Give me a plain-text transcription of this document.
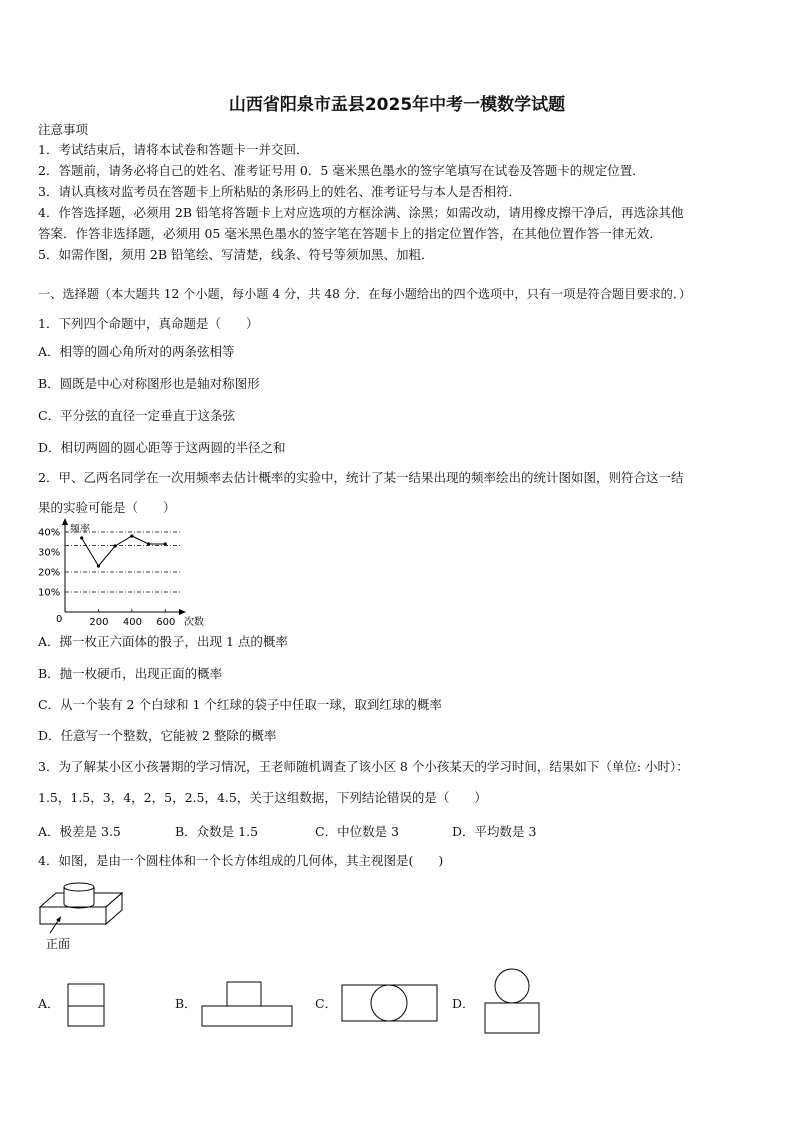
山西省阳泉市盂县2025年中考一模数学试题
注意事项
1．考试结束后，请将本试卷和答题卡一并交回．
2．答题前，请务必将自己的姓名、准考证号用 0．5 毫米黑色墨水的签字笔填写在试卷及答题卡的规定位置．
3．请认真核对监考员在答题卡上所粘贴的条形码上的姓名、准考证号与本人是否相符．
4．作答选择题，必须用 2B 铅笔将答题卡上对应选项的方框涂满、涂黑；如需改动，请用橡皮擦干净后，再选涂其他
答案．作答非选择题，必须用 05 毫米黑色墨水的签字笔在答题卡上的指定位置作答，在其他位置作答一律无效．
5．如需作图，须用 2B 铅笔绘、写清楚，线条、符号等须加黑、加粗．
一、选择题（本大题共 12 个小题，每小题 4 分，共 48 分．在每小题给出的四个选项中，只有一项是符合题目要求的．）
1．下列四个命题中，真命题是（　　）
A．相等的圆心角所对的两条弦相等
B．圆既是中心对称图形也是轴对称图形
C．平分弦的直径一定垂直于这条弦
D．相切两圆的圆心距等于这两圆的半径之和
2．甲、乙两名同学在一次用频率去估计概率的实验中，统计了某一结果出现的频率绘出的统计图如图，则符合这一结
果的实验可能是（　　）
频率
次数
0
40%
30%
20%
10%
200 400 600
A．掷一枚正六面体的骰子，出现 1 点的概率
B．抛一枚硬币，出现正面的概率
C．从一个装有 2 个白球和 1 个红球的袋子中任取一球，取到红球的概率
D．任意写一个整数，它能被 2 整除的概率
3．为了解某小区小孩暑期的学习情况，王老师随机调查了该小区 8 个小孩某天的学习时间，结果如下（单位: 小时）：
1.5，1.5，3，4，2，5，2.5，4.5，关于这组数据，下列结论错误的是（　　）
A．极差是 3.5	B．众数是 1.5	C．中位数是 3	D．平均数是 3
4．如图，是由一个圆柱体和一个长方体组成的几何体，其主视图是(　　)
正面
A．	B．	C．	D．
